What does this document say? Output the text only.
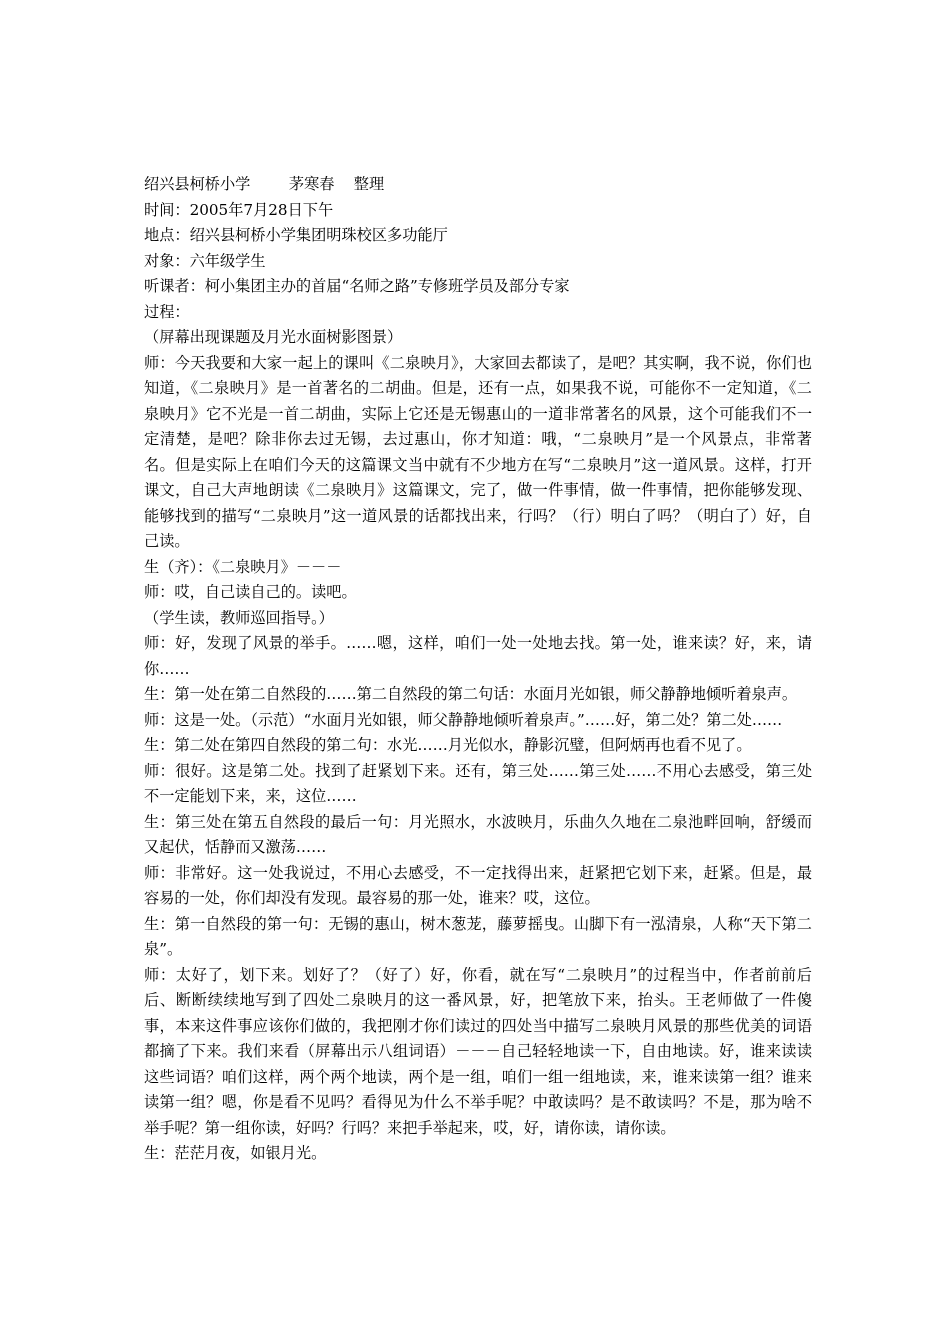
绍兴县柯桥小学        茅寒春    整理

时间：2005年7月28日下午

地点：绍兴县柯桥小学集团明珠校区多功能厅

对象：六年级学生

听课者：柯小集团主办的首届“名师之路”专修班学员及部分专家

过程：

（屏幕出现课题及月光水面树影图景）

师：今天我要和大家一起上的课叫《二泉映月》，大家回去都读了，是吧？其实啊，我不说，你们也知道，《二泉映月》是一首著名的二胡曲。但是，还有一点，如果我不说，可能你不一定知道，《二泉映月》它不光是一首二胡曲，实际上它还是无锡惠山的一道非常著名的风景，这个可能我们不一定清楚，是吧？除非你去过无锡，去过惠山，你才知道：哦，“二泉映月”是一个风景点，非常著名。但是实际上在咱们今天的这篇课文当中就有不少地方在写“二泉映月”这一道风景。这样，打开课文，自己大声地朗读《二泉映月》这篇课文，完了，做一件事情，做一件事情，把你能够发现、能够找到的描写“二泉映月”这一道风景的话都找出来，行吗？（行）明白了吗？（明白了）好，自己读。

生（齐）：《二泉映月》－－－

师：哎，自己读自己的。读吧。

（学生读，教师巡回指导。）

师：好，发现了风景的举手。……嗯，这样，咱们一处一处地去找。第一处，谁来读？好，来，请你……

生：第一处在第二自然段的……第二自然段的第二句话：水面月光如银，师父静静地倾听着泉声。

师：这是一处。（示范）“水面月光如银，师父静静地倾听着泉声。”……好，第二处？第二处……

生：第二处在第四自然段的第二句：水光……月光似水，静影沉璧，但阿炳再也看不见了。

师：很好。这是第二处。找到了赶紧划下来。还有，第三处……第三处……不用心去感受，第三处不一定能划下来，来，这位……

生：第三处在第五自然段的最后一句：月光照水，水波映月，乐曲久久地在二泉池畔回响，舒缓而又起伏，恬静而又激荡……

师：非常好。这一处我说过，不用心去感受，不一定找得出来，赶紧把它划下来，赶紧。但是，最容易的一处，你们却没有发现。最容易的那一处，谁来？哎，这位。

生：第一自然段的第一句：无锡的惠山，树木葱茏，藤萝摇曳。山脚下有一泓清泉，人称“天下第二泉”。

师：太好了，划下来。划好了？（好了）好，你看，就在写“二泉映月”的过程当中，作者前前后后、断断续续地写到了四处二泉映月的这一番风景，好，把笔放下来，抬头。王老师做了一件傻事，本来这件事应该你们做的，我把刚才你们读过的四处当中描写二泉映月风景的那些优美的词语都摘了下来。我们来看（屏幕出示八组词语）－－－自己轻轻地读一下，自由地读。好，谁来读读这些词语？咱们这样，两个两个地读，两个是一组，咱们一组一组地读，来，谁来读第一组？谁来读第一组？嗯，你是看不见吗？看得见为什么不举手呢？中敢读吗？是不敢读吗？不是，那为啥不举手呢？第一组你读，好吗？行吗？来把手举起来，哎，好，请你读，请你读。

生：茫茫月夜，如银月光。
